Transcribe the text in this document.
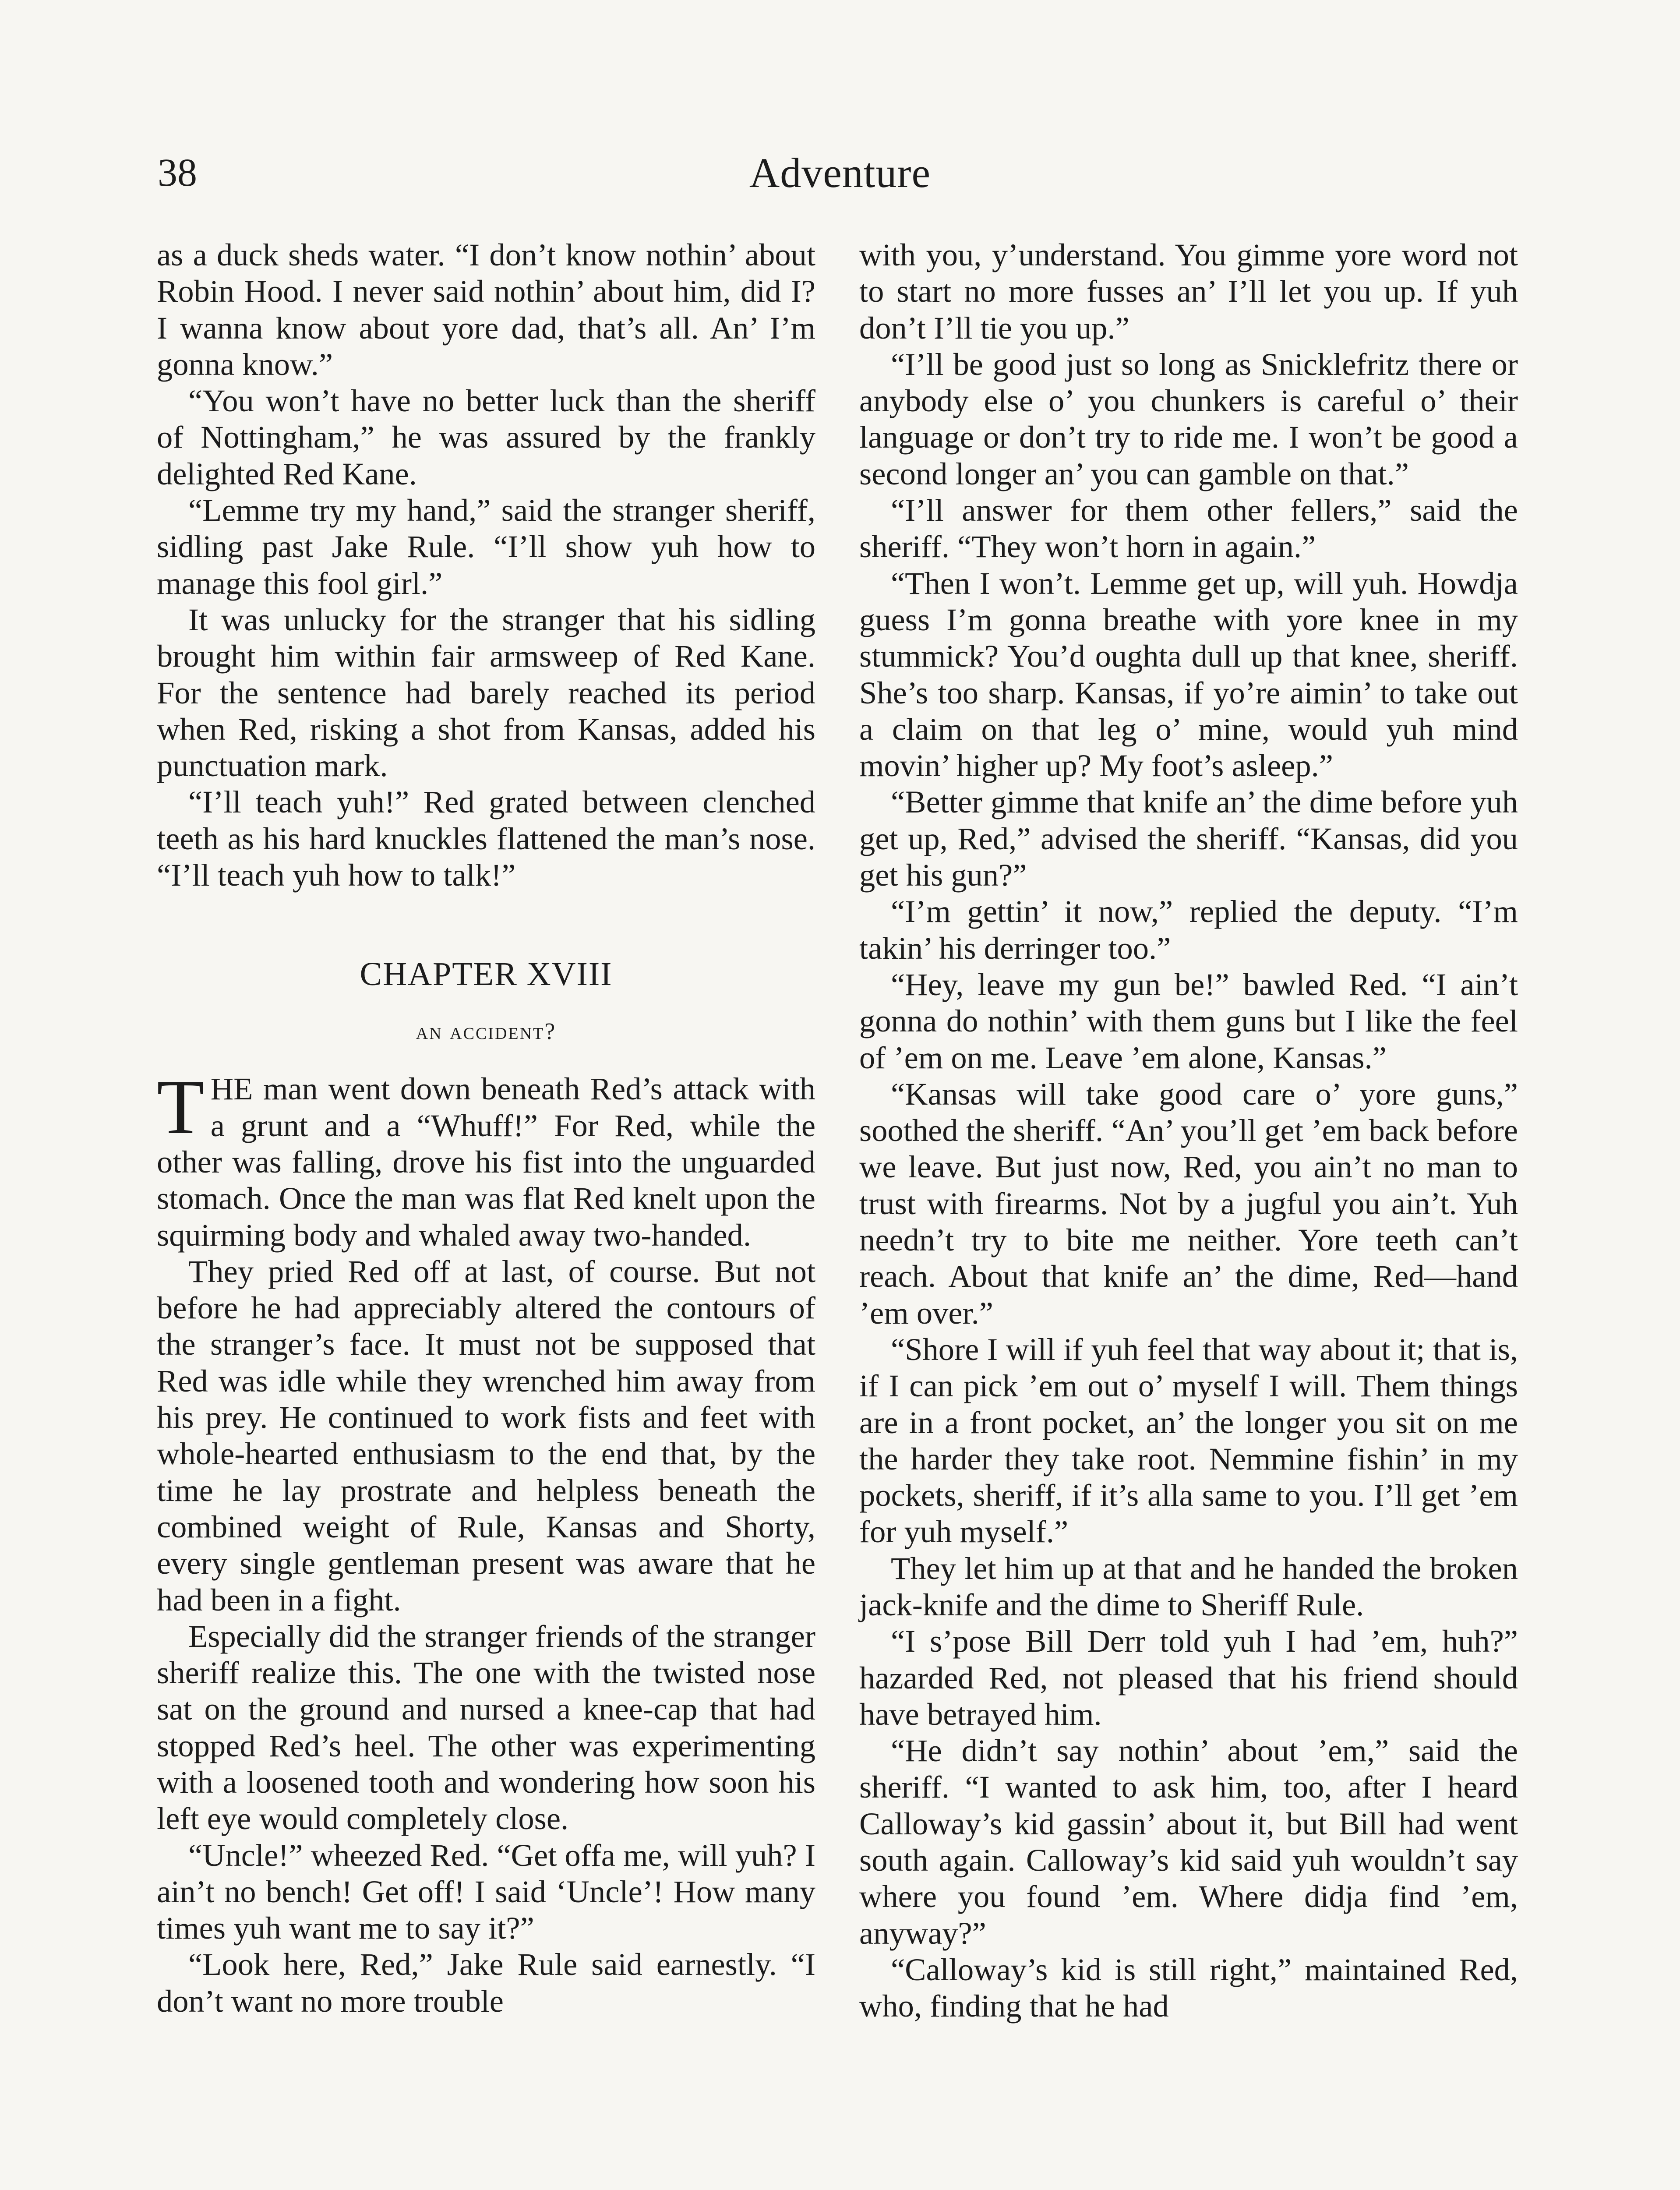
38	Adventure

as a duck sheds water. “I don’t know nothin’ about Robin Hood. I never said nothin’ about him, did I? I wanna know about yore dad, that’s all. An’ I’m gonna know.”

“You won’t have no better luck than the sheriff of Nottingham,” he was assured by the frankly delighted Red Kane.

“Lemme try my hand,” said the stranger sheriff, sidling past Jake Rule. “I’ll show yuh how to manage this fool girl.”

It was unlucky for the stranger that his sidling brought him within fair armsweep of Red Kane. For the sentence had barely reached its period when Red, risking a shot from Kansas, added his punctuation mark.

“I’ll teach yuh!” Red grated between clenched teeth as his hard knuckles flattened the man’s nose. “I’ll teach yuh how to talk!”

CHAPTER XVIII
an accident?

THE man went down beneath Red’s attack with a grunt and a “Whuff!” For Red, while the other was falling, drove his fist into the unguarded stomach. Once the man was flat Red knelt upon the squirming body and whaled away two-handed.

They pried Red off at last, of course. But not before he had appreciably altered the contours of the stranger’s face. It must not be supposed that Red was idle while they wrenched him away from his prey. He continued to work fists and feet with whole-hearted enthusiasm to the end that, by the time he lay prostrate and helpless beneath the combined weight of Rule, Kansas and Shorty, every single gentleman present was aware that he had been in a fight.

Especially did the stranger friends of the stranger sheriff realize this. The one with the twisted nose sat on the ground and nursed a knee-cap that had stopped Red’s heel. The other was experimenting with a loosened tooth and wondering how soon his left eye would completely close.

“Uncle!” wheezed Red. “Get offa me, will yuh? I ain’t no bench! Get off! I said ‘Uncle’! How many times yuh want me to say it?”

“Look here, Red,” Jake Rule said earnestly. “I don’t want no more trouble

with you, y’understand. You gimme yore word not to start no more fusses an’ I’ll let you up. If yuh don’t I’ll tie you up.”

“I’ll be good just so long as Snicklefritz there or anybody else o’ you chunkers is careful o’ their language or don’t try to ride me. I won’t be good a second longer an’ you can gamble on that.”

“I’ll answer for them other fellers,” said the sheriff. “They won’t horn in again.”

“Then I won’t. Lemme get up, will yuh. Howdja guess I’m gonna breathe with yore knee in my stummick? You’d oughta dull up that knee, sheriff. She’s too sharp. Kansas, if yo’re aimin’ to take out a claim on that leg o’ mine, would yuh mind movin’ higher up? My foot’s asleep.”

“Better gimme that knife an’ the dime before yuh get up, Red,” advised the sheriff. “Kansas, did you get his gun?”

“I’m gettin’ it now,” replied the deputy. “I’m takin’ his derringer too.”

“Hey, leave my gun be!” bawled Red. “I ain’t gonna do nothin’ with them guns but I like the feel of ’em on me. Leave ’em alone, Kansas.”

“Kansas will take good care o’ yore guns,” soothed the sheriff. “An’ you’ll get ’em back before we leave. But just now, Red, you ain’t no man to trust with firearms. Not by a jugful you ain’t. Yuh needn’t try to bite me neither. Yore teeth can’t reach. About that knife an’ the dime, Red—hand ’em over.”

“Shore I will if yuh feel that way about it; that is, if I can pick ’em out o’ myself I will. Them things are in a front pocket, an’ the longer you sit on me the harder they take root. Nemmine fishin’ in my pockets, sheriff, if it’s alla same to you. I’ll get ’em for yuh myself.”

They let him up at that and he handed the broken jack-knife and the dime to Sheriff Rule.

“I s’pose Bill Derr told yuh I had ’em, huh?” hazarded Red, not pleased that his friend should have betrayed him.

“He didn’t say nothin’ about ’em,” said the sheriff. “I wanted to ask him, too, after I heard Calloway’s kid gassin’ about it, but Bill had went south again. Calloway’s kid said yuh wouldn’t say where you found ’em. Where didja find ’em, anyway?”

“Calloway’s kid is still right,” maintained Red, who, finding that he had
